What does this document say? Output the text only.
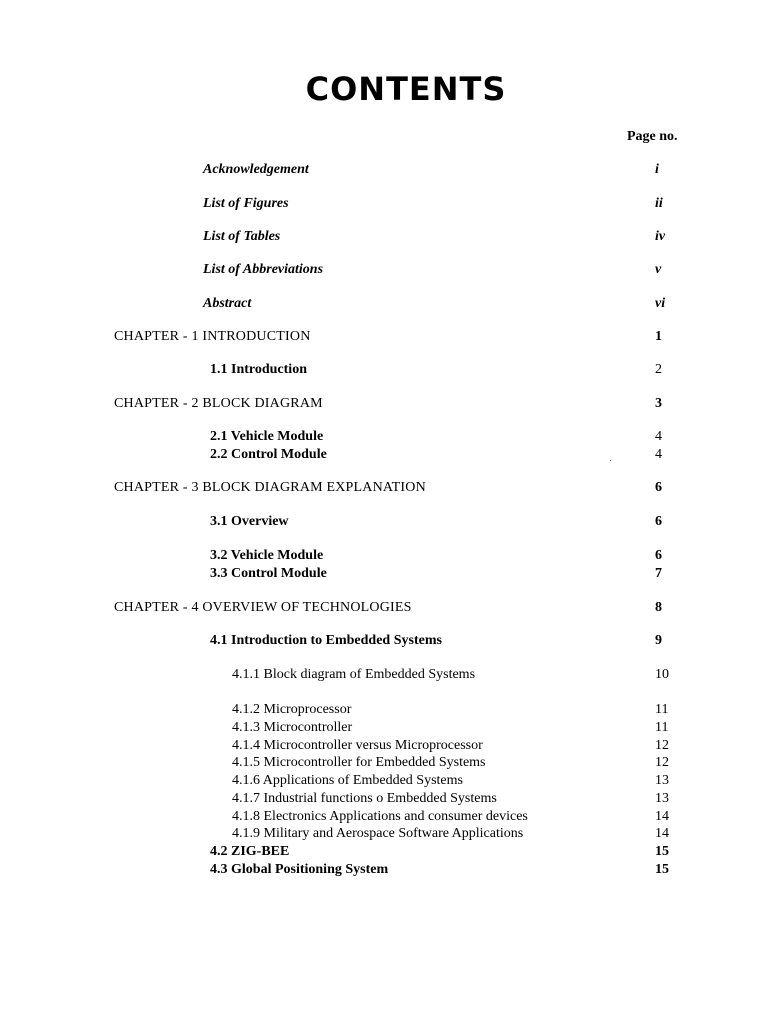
CONTENTS
Page no.
Acknowledgement	i
List of Figures	ii
List of Tables	iv
List of Abbreviations	v
Abstract	vi
CHAPTER - 1 INTRODUCTION	1
1.1 Introduction	2
CHAPTER - 2 BLOCK DIAGRAM	3
2.1 Vehicle Module	4
2.2 Control Module	4
CHAPTER - 3 BLOCK DIAGRAM EXPLANATION	6
3.1 Overview	6
3.2 Vehicle Module	6
3.3 Control Module	7
CHAPTER - 4 OVERVIEW OF TECHNOLOGIES	8
4.1 Introduction to Embedded Systems	9
4.1.1 Block diagram of Embedded Systems	10
4.1.2 Microprocessor	11
4.1.3 Microcontroller	11
4.1.4 Microcontroller versus Microprocessor	12
4.1.5 Microcontroller for Embedded Systems	12
4.1.6 Applications of Embedded Systems	13
4.1.7 Industrial functions o Embedded Systems	13
4.1.8 Electronics Applications and consumer devices	14
4.1.9 Military and Aerospace Software Applications	14
4.2 ZIG-BEE	15
4.3 Global Positioning System	15
